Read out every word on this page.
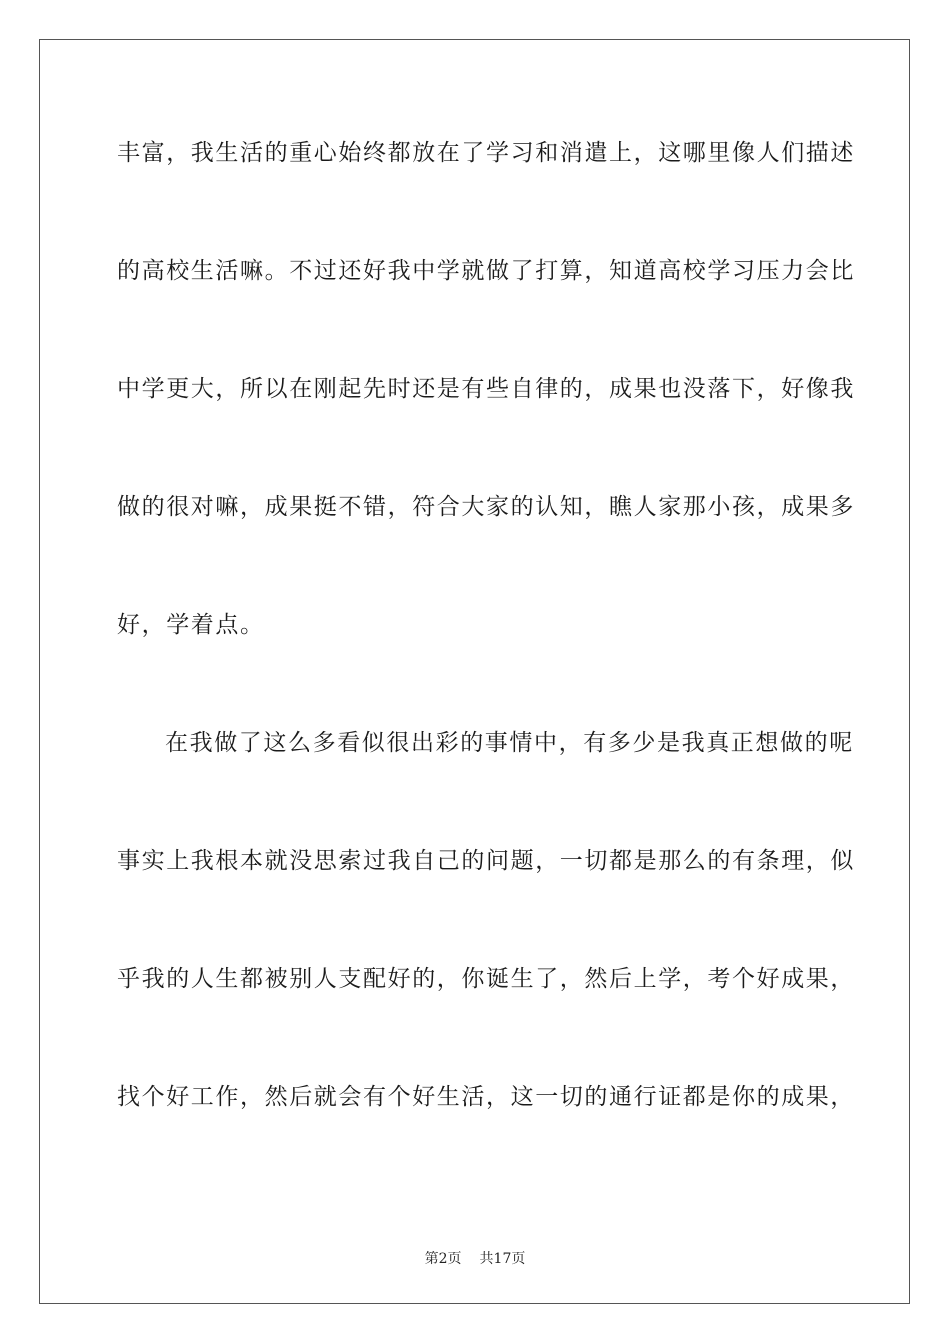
丰富，我生活的重心始终都放在了学习和消遣上，这哪里像人们描述
的高校生活嘛。不过还好我中学就做了打算，知道高校学习压力会比
中学更大，所以在刚起先时还是有些自律的，成果也没落下，好像我
做的很对嘛，成果挺不错，符合大家的认知，瞧人家那小孩，成果多
好，学着点。
在我做了这么多看似很出彩的事情中，有多少是我真正想做的呢
事实上我根本就没思索过我自己的问题，一切都是那么的有条理，似
乎我的人生都被别人支配好的，你诞生了，然后上学，考个好成果，
找个好工作，然后就会有个好生活，这一切的通行证都是你的成果，
第2页 共17页
